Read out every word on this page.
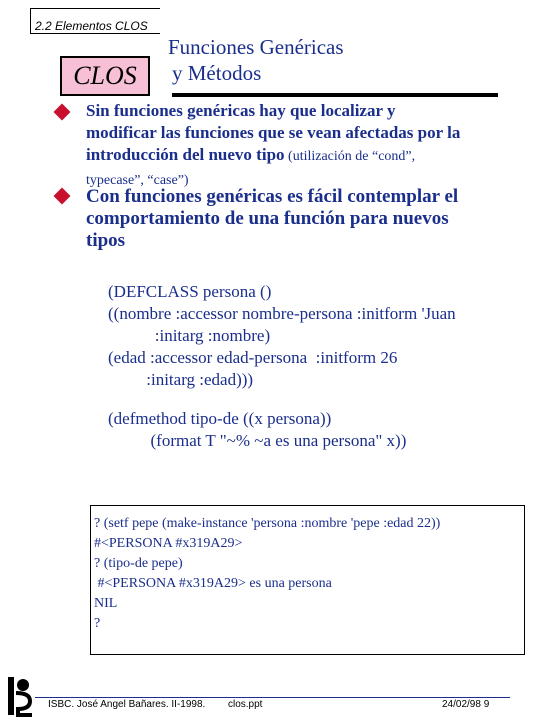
2.2 Elementos CLOS
CLOS
Funciones Genéricas
y Métodos
Sin funciones genéricas hay que localizar y modificar las funciones que se vean afectadas por la introducción del nuevo tipo (utilización de “cond”, typecase”, “case”)
Con funciones genéricas es fácil contemplar el comportamiento de una función para nuevos tipos
(DEFCLASS persona ()
((nombre :accessor nombre-persona :initform 'Juan
:initarg :nombre)
(edad :accessor edad-persona  :initform 26
:initarg :edad)))
(defmethod tipo-de ((x persona))
(format T "~% ~a es una persona" x))
? (setf pepe (make-instance 'persona :nombre 'pepe :edad 22))
#<PERSONA #x319A29>
? (tipo-de pepe)
#<PERSONA #x319A29> es una persona
NIL
?
ISBC. José Angel Bañares. II-1998. clos.ppt	24/02/98 9
